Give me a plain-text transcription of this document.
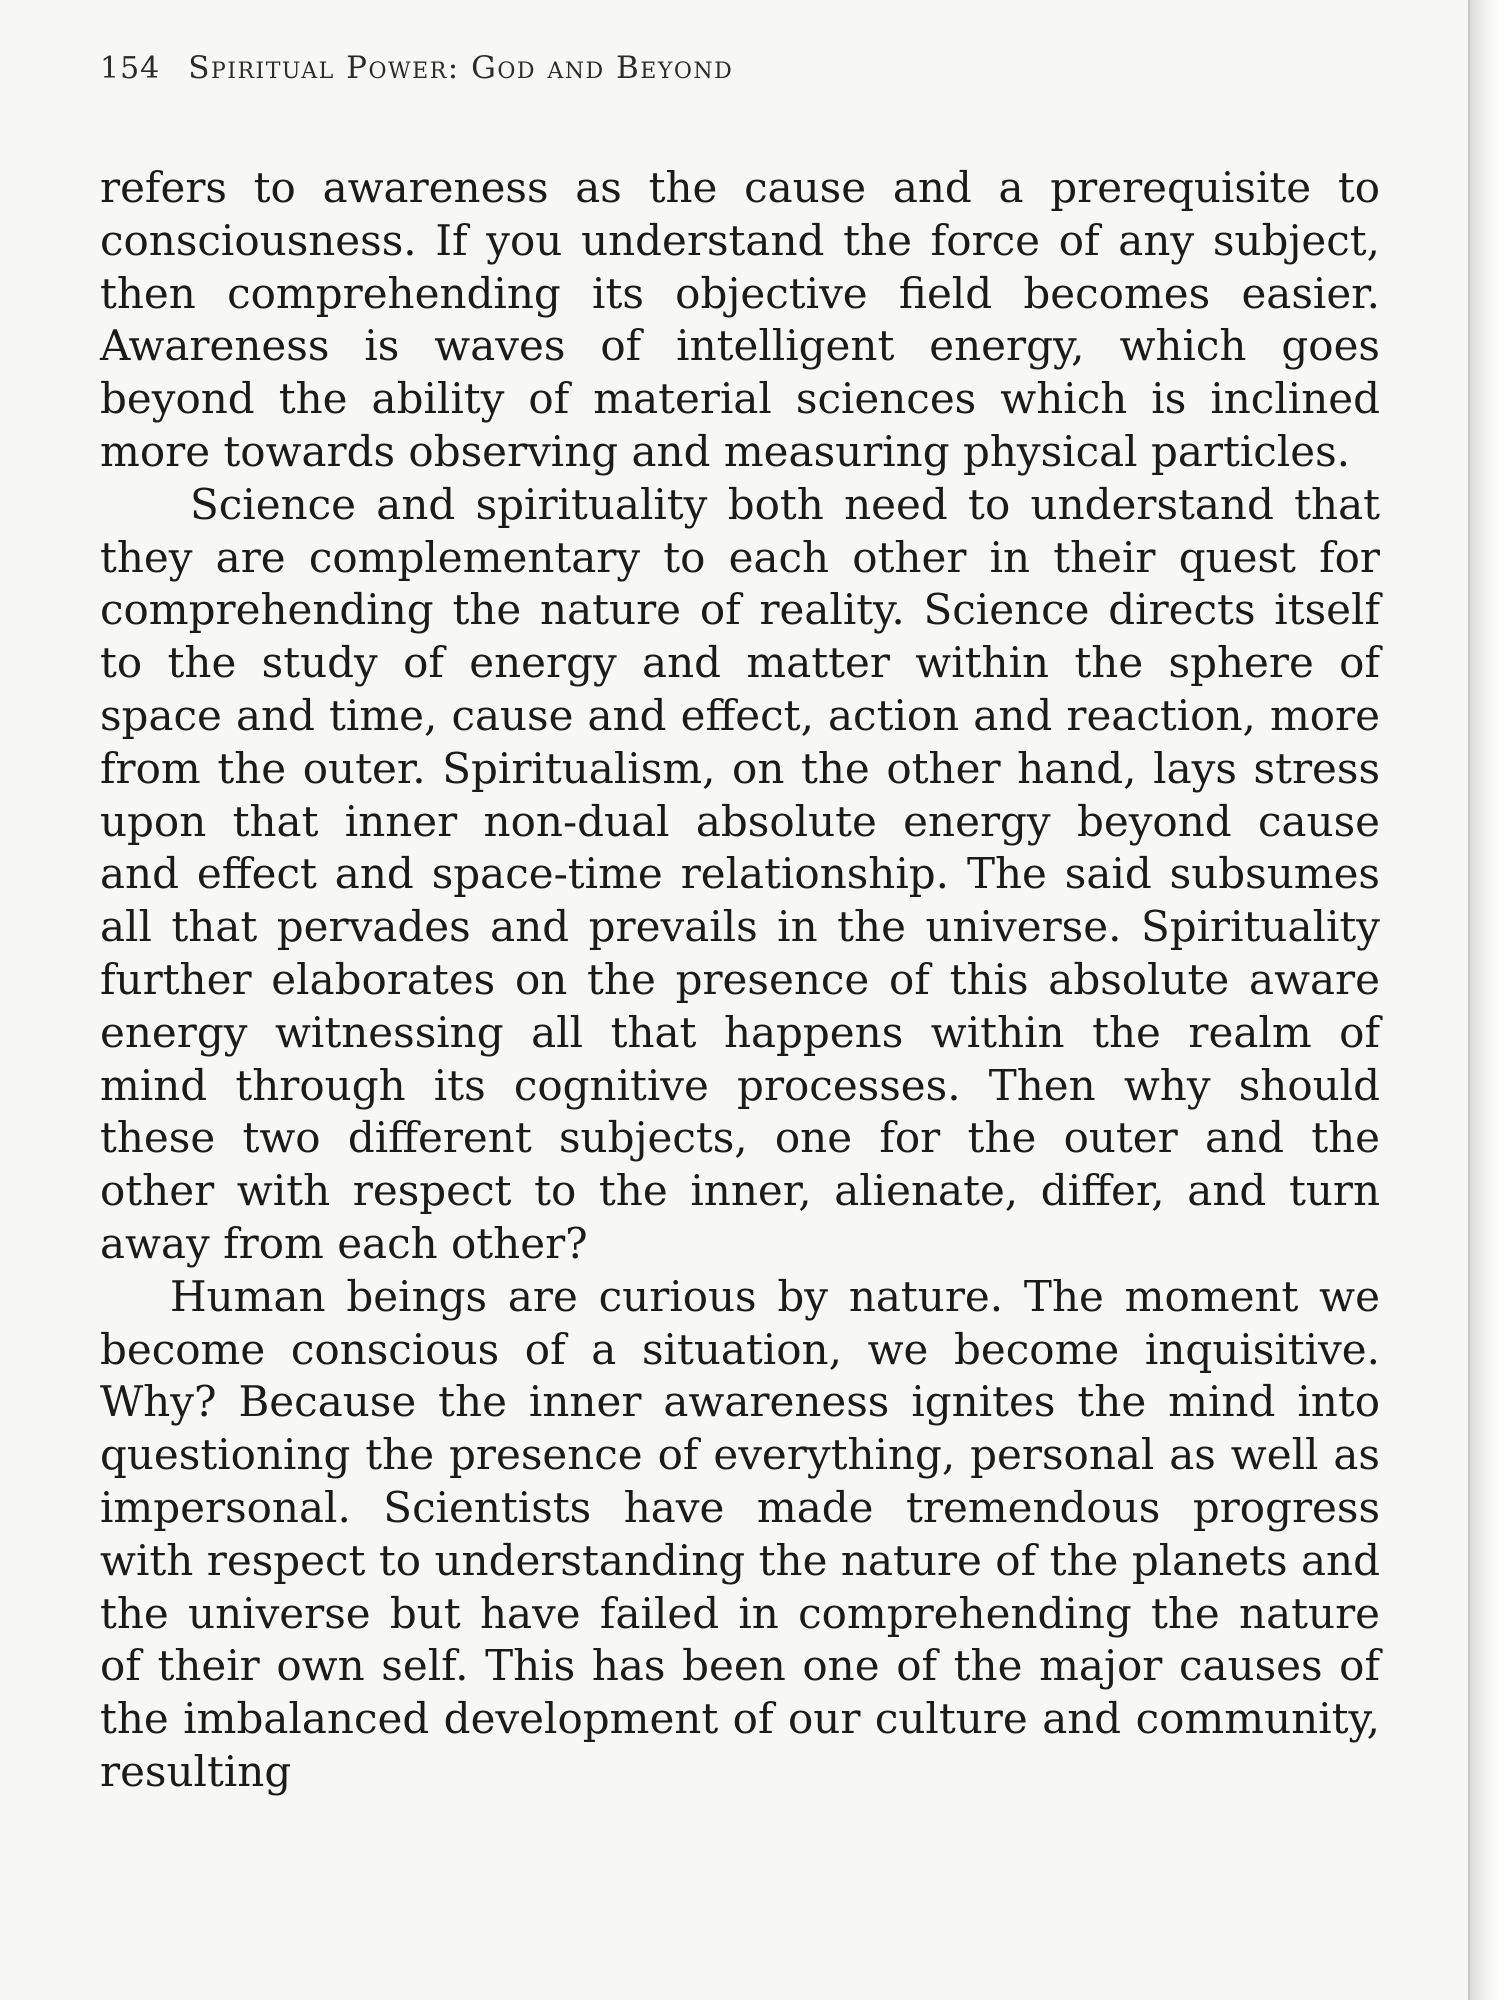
154 Spiritual Power: God and Beyond

refers to awareness as the cause and a prerequisite to consciousness. If you understand the force of any subject, then comprehending its objective field becomes easier. Awareness is waves of intelligent energy, which goes beyond the ability of material sciences which is inclined more towards observing and measuring physical particles.

Science and spirituality both need to understand that they are complementary to each other in their quest for comprehending the nature of reality. Science directs itself to the study of energy and matter within the sphere of space and time, cause and effect, action and reaction, more from the outer. Spiritualism, on the other hand, lays stress upon that inner non-dual absolute energy beyond cause and effect and space-time relationship. The said subsumes all that pervades and prevails in the universe. Spirituality further elaborates on the presence of this absolute aware energy witnessing all that happens within the realm of mind through its cognitive processes. Then why should these two different subjects, one for the outer and the other with respect to the inner, alienate, differ, and turn away from each other?

Human beings are curious by nature. The moment we become conscious of a situation, we become inquisitive. Why? Because the inner awareness ignites the mind into questioning the presence of everything, personal as well as impersonal. Scientists have made tremendous progress with respect to understanding the nature of the planets and the universe but have failed in comprehending the nature of their own self. This has been one of the major causes of the imbalanced development of our culture and community, resulting
